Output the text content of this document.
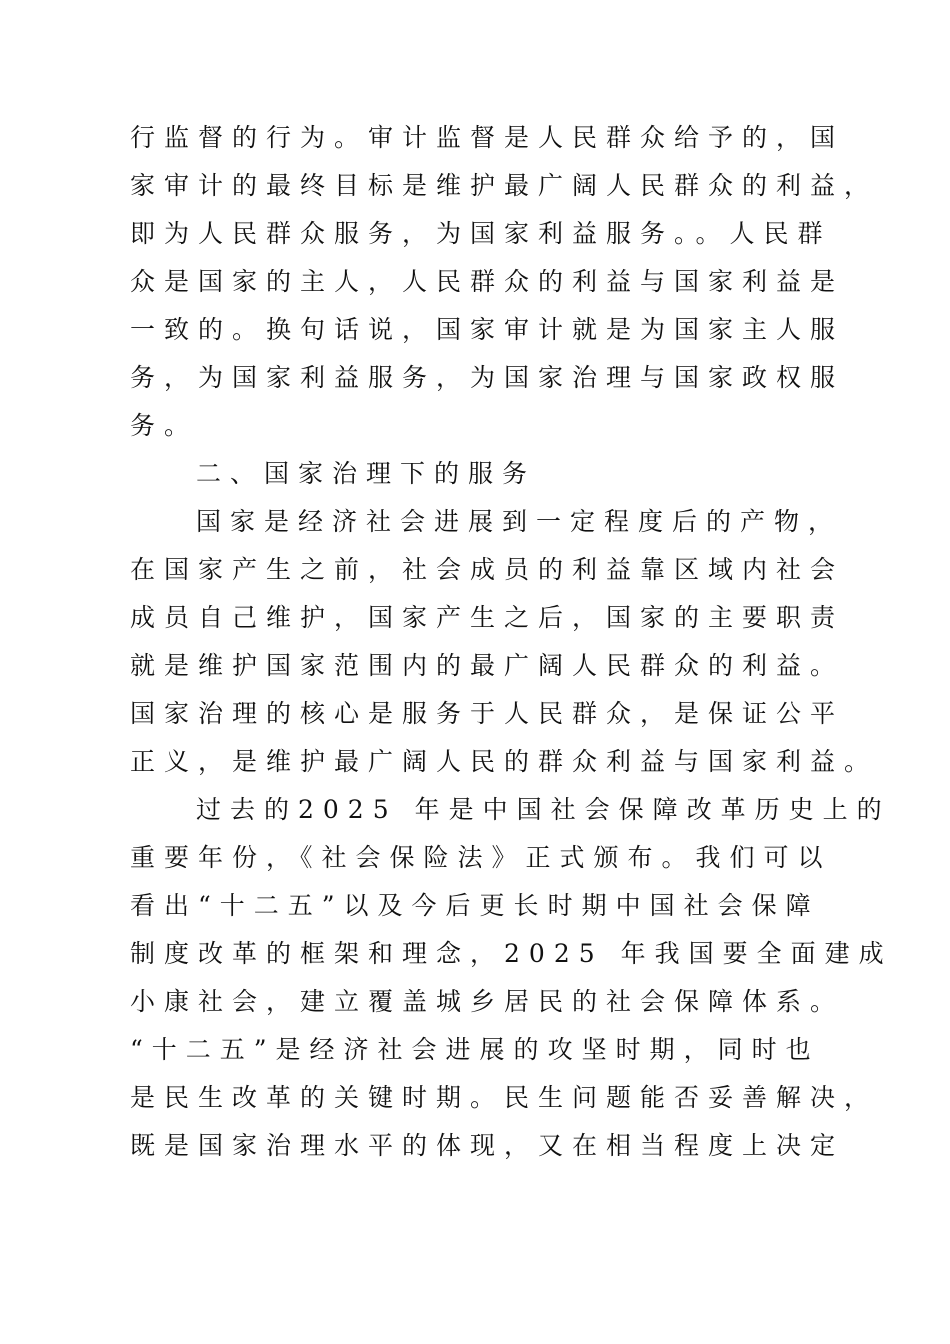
行监督的行为。审计监督是人民群众给予的，国
家审计的最终目标是维护最广阔人民群众的利益，
即为人民群众服务，为国家利益服务。。人民群
众是国家的主人，人民群众的利益与国家利益是
一致的。换句话说，国家审计就是为国家主人服
务，为国家利益服务，为国家治理与国家政权服
务。
二、国家治理下的服务
国家是经济社会进展到一定程度后的产物，
在国家产生之前，社会成员的利益靠区域内社会
成员自己维护，国家产生之后，国家的主要职责
就是维护国家范围内的最广阔人民群众的利益。
国家治理的核心是服务于人民群众，是保证公平
正义，是维护最广阔人民的群众利益与国家利益。
过去的2025 年是中国社会保障改革历史上的
重要年份，《社会保险法》正式颁布。我们可以
看出“十二五”以及今后更长时期中国社会保障
制度改革的框架和理念，2025 年我国要全面建成
小康社会，建立覆盖城乡居民的社会保障体系。
“十二五”是经济社会进展的攻坚时期，同时也
是民生改革的关键时期。民生问题能否妥善解决，
既是国家治理水平的体现，又在相当程度上决定
